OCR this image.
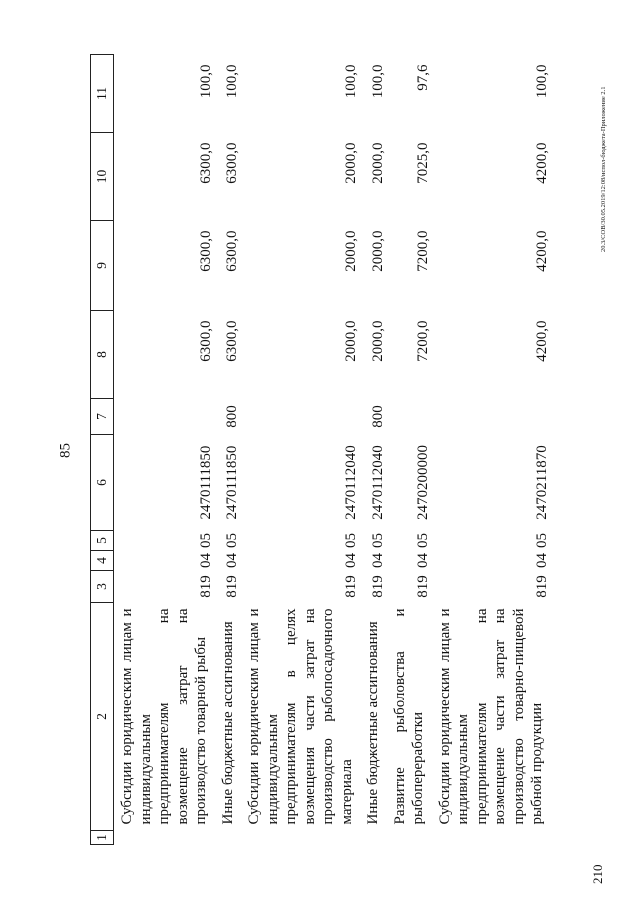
85
210
20.3/СОВ/30.05.2019/12:08/испол-бюджета-Приложение 2.1
1	2	3	4	5	6	7	8	9	10	11
	Субсидии юридическим лицам и индивидуальным предпринимателям на возмещение затрат на производство товарной рыбы	819	04	05	2470111850		6300,0	6300,0	6300,0	100,0
	Иные бюджетные ассигнования	819	04	05	2470111850	800	6300,0	6300,0	6300,0	100,0
	Субсидии юридическим лицам и индивидуальным предпринимателям в целях возмещения части затрат на производство рыбопосадочного материала	819	04	05	2470112040		2000,0	2000,0	2000,0	100,0
	Иные бюджетные ассигнования	819	04	05	2470112040	800	2000,0	2000,0	2000,0	100,0
	Развитие рыболовства и рыбопереработки	819	04	05	2470200000		7200,0	7200,0	7025,0	97,6
	Субсидии юридическим лицам и индивидуальным предпринимателям на возмещение части затрат на производство товарно-пищевой рыбной продукции	819	04	05	2470211870		4200,0	4200,0	4200,0	100,0
